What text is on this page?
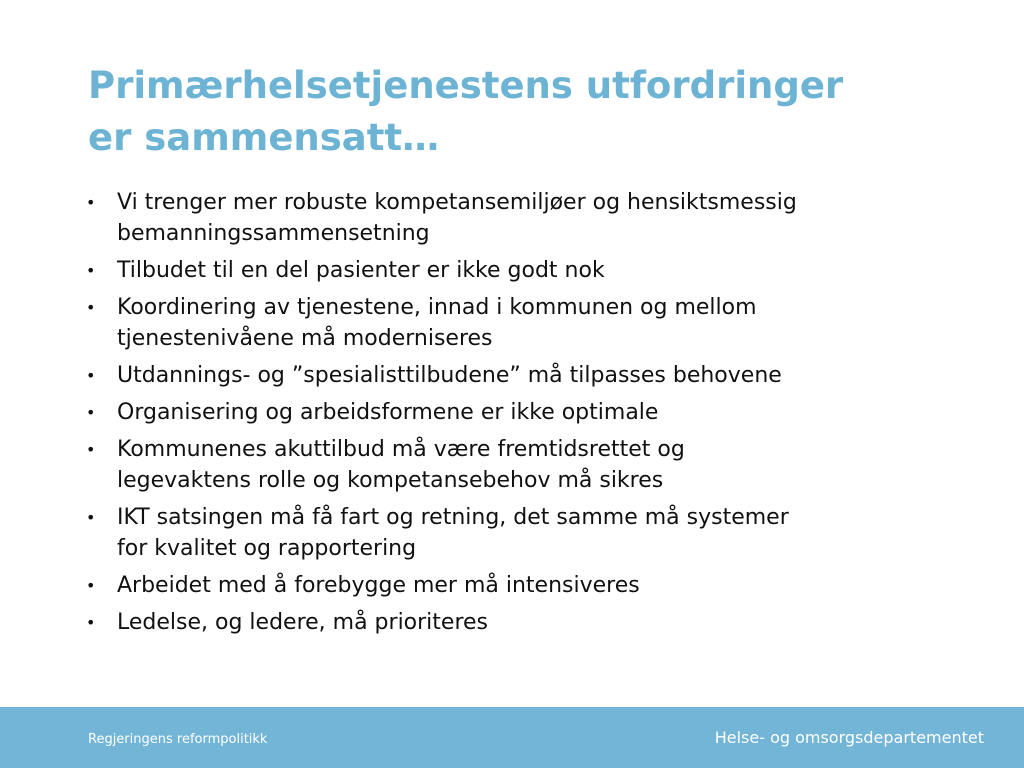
Primærhelsetjenestens utfordringer
er sammensatt…
• Vi trenger mer robuste kompetansemiljøer og hensiktsmessig
bemanningssammensetning
• Tilbudet til en del pasienter er ikke godt nok
• Koordinering av tjenestene, innad i kommunen og mellom
tjenestenivåene må moderniseres
• Utdannings- og ”spesialisttilbudene” må tilpasses behovene
• Organisering og arbeidsformene er ikke optimale
• Kommunenes akuttilbud må være fremtidsrettet og
legevaktens rolle og kompetansebehov må sikres
• IKT satsingen må få fart og retning, det samme må systemer
for kvalitet og rapportering
• Arbeidet med å forebygge mer må intensiveres
• Ledelse, og ledere, må prioriteres
Regjeringens reformpolitikk	Helse- og omsorgsdepartementet
